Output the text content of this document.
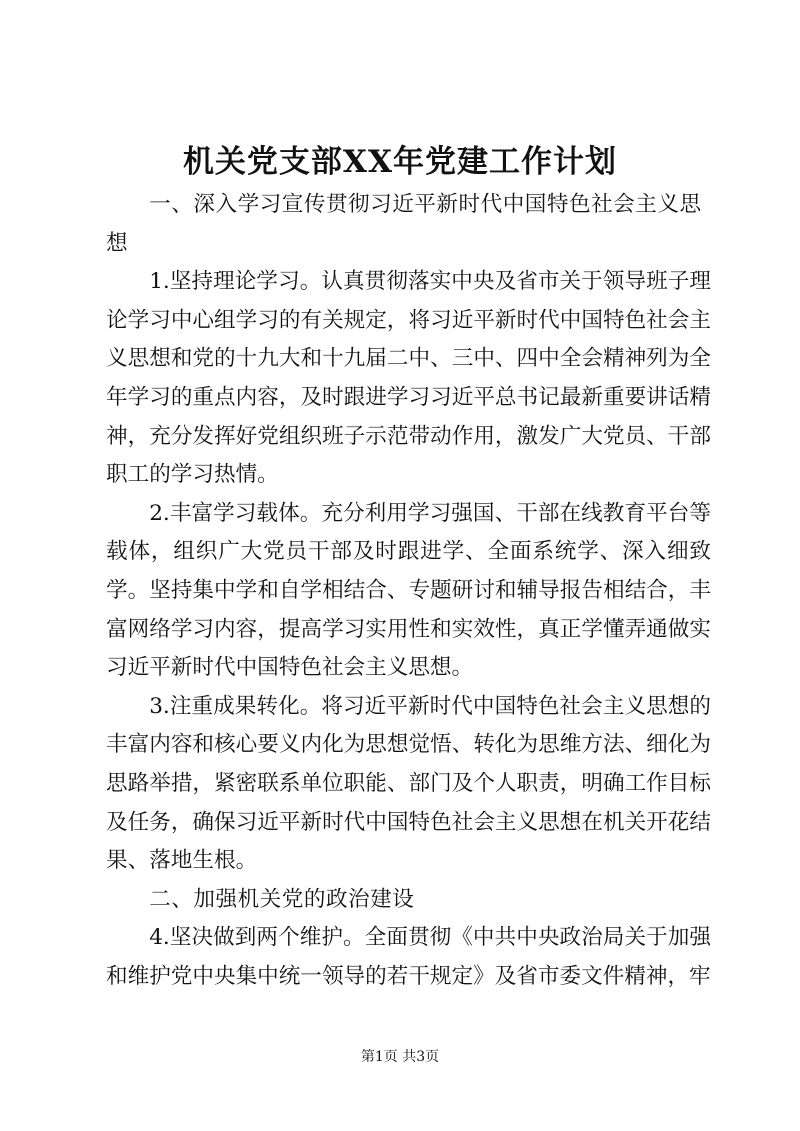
机关党支部XX年党建工作计划

一、深入学习宣传贯彻习近平新时代中国特色社会主义思想

1.坚持理论学习。认真贯彻落实中央及省市关于领导班子理论学习中心组学习的有关规定，将习近平新时代中国特色社会主义思想和党的十九大和十九届二中、三中、四中全会精神列为全年学习的重点内容，及时跟进学习习近平总书记最新重要讲话精神，充分发挥好党组织班子示范带动作用，激发广大党员、干部职工的学习热情。

2.丰富学习载体。充分利用学习强国、干部在线教育平台等载体，组织广大党员干部及时跟进学、全面系统学、深入细致学。坚持集中学和自学相结合、专题研讨和辅导报告相结合，丰富网络学习内容，提高学习实用性和实效性，真正学懂弄通做实习近平新时代中国特色社会主义思想。

3.注重成果转化。将习近平新时代中国特色社会主义思想的丰富内容和核心要义内化为思想觉悟、转化为思维方法、细化为思路举措，紧密联系单位职能、部门及个人职责，明确工作目标及任务，确保习近平新时代中国特色社会主义思想在机关开花结果、落地生根。

二、加强机关党的政治建设

4.坚决做到两个维护。全面贯彻《中共中央政治局关于加强和维护党中央集中统一领导的若干规定》及省市委文件精神，牢

第1页 共3页
